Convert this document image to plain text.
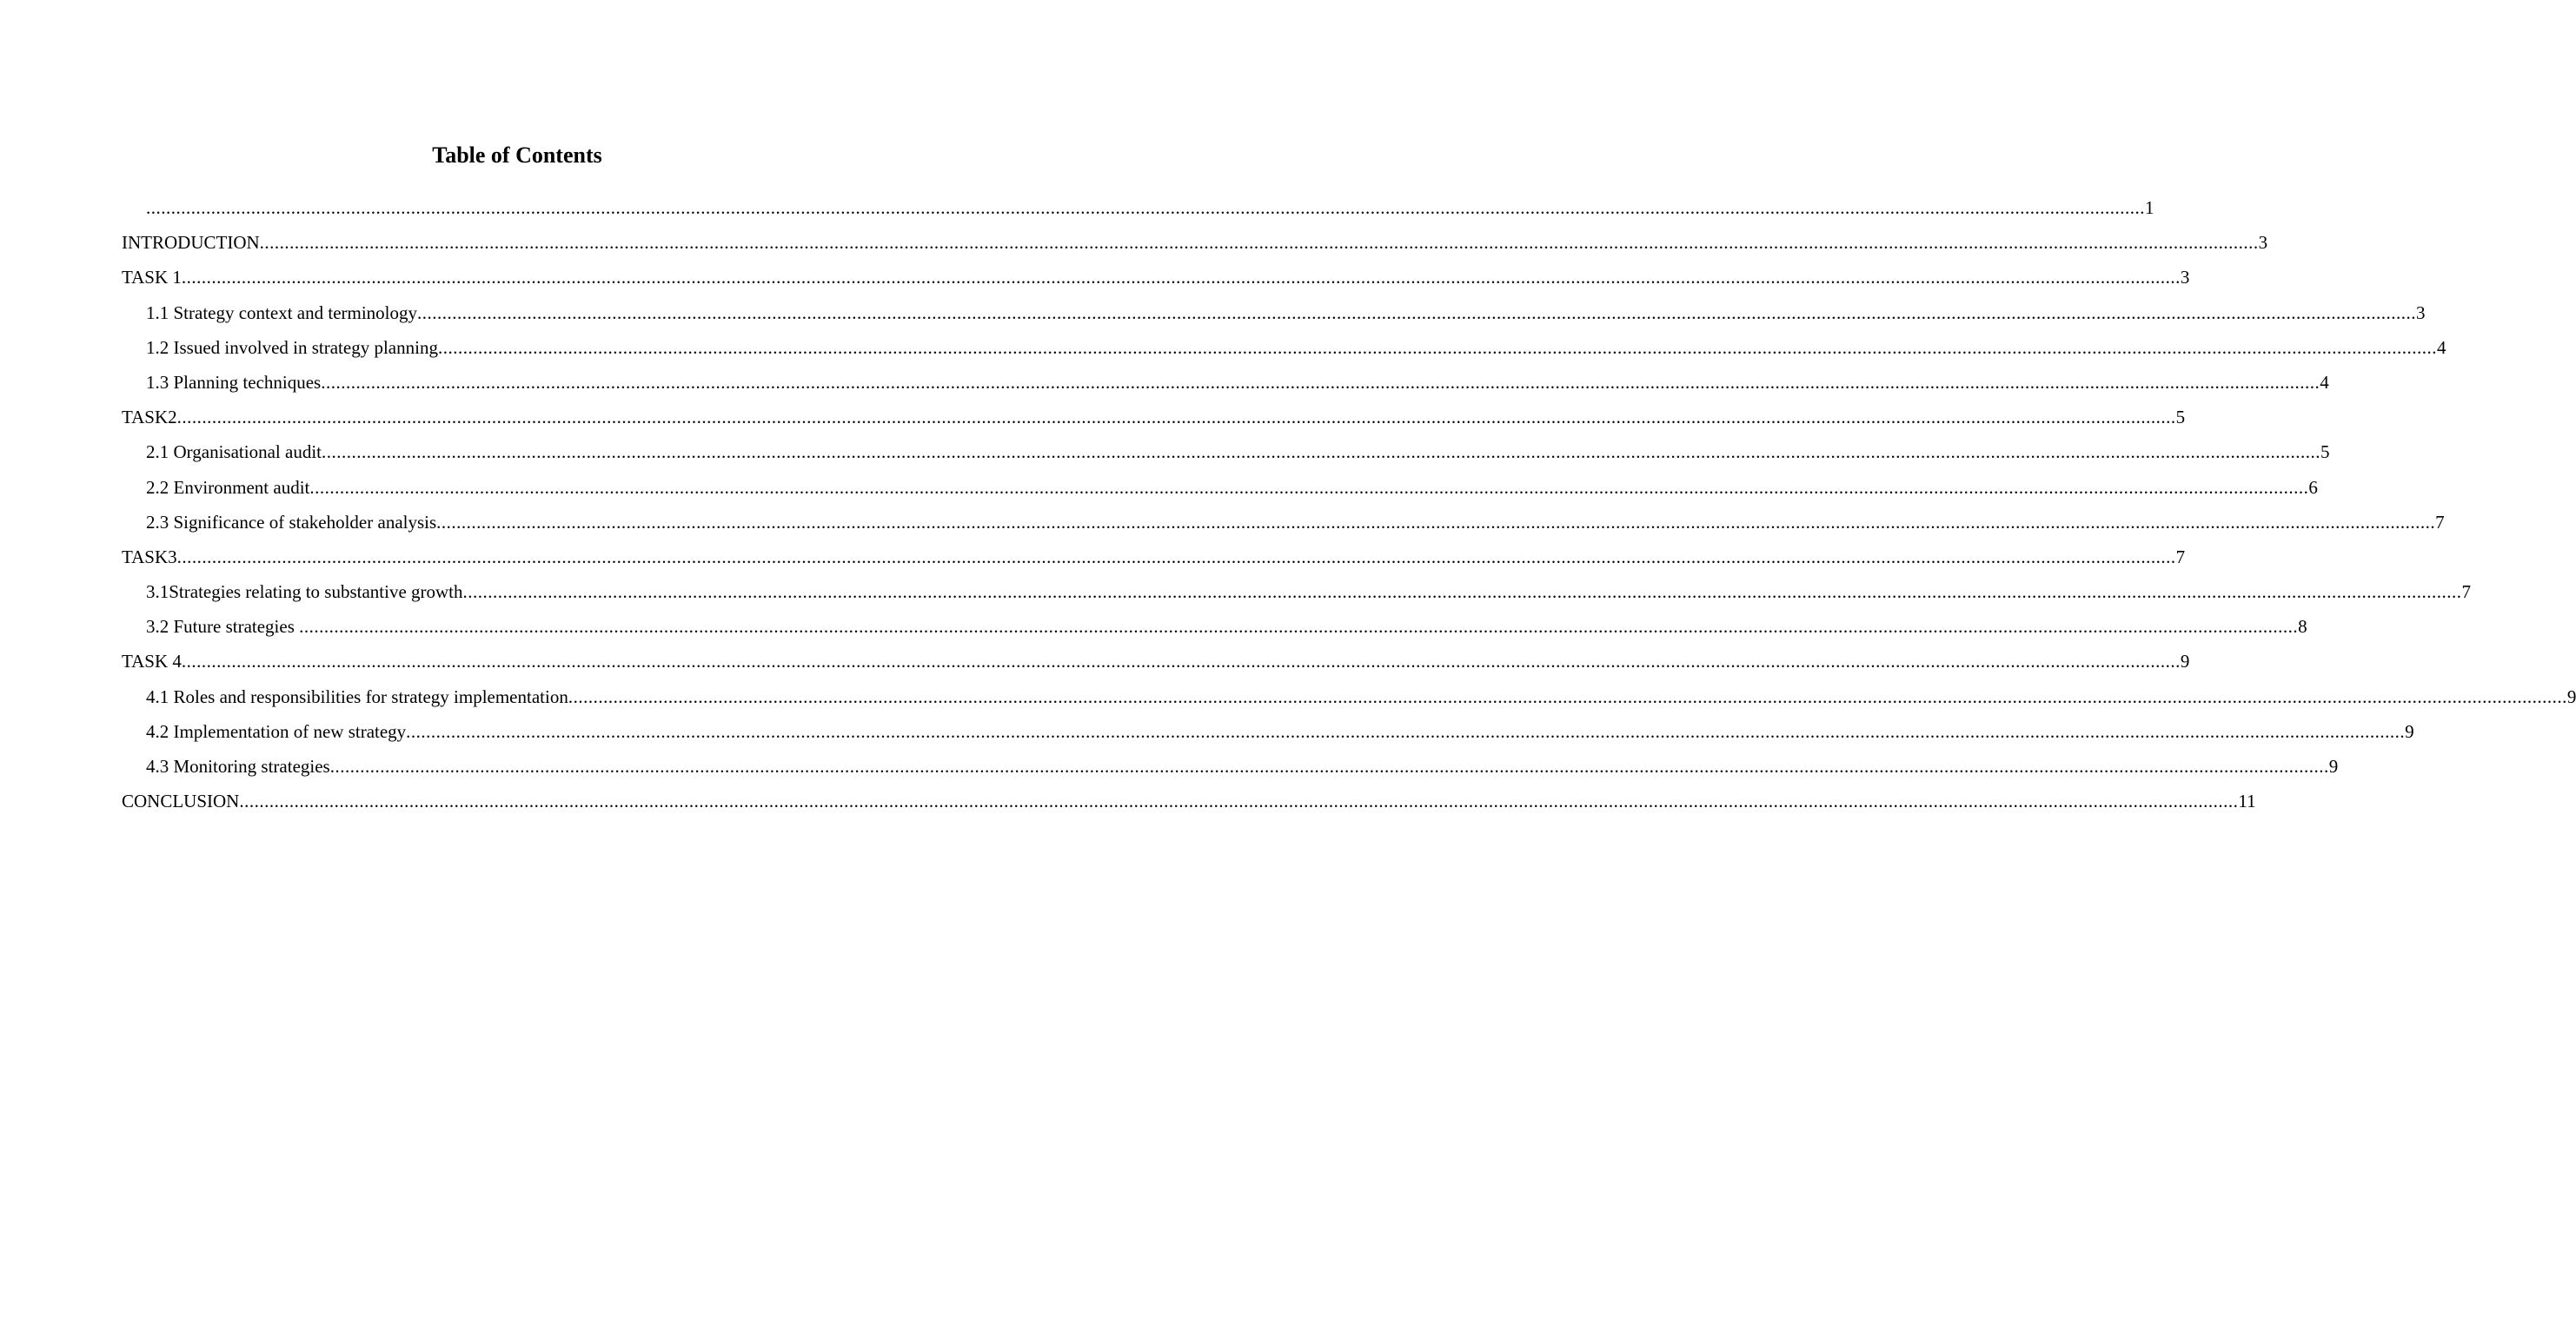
Table of Contents
................................................................................................................................................................................................................................................................................................................................................................................................................ 1
INTRODUCTION ................................................................................................................................................................................................................................................................................................................................................................................................................ 3
TASK 1 ................................................................................................................................................................................................................................................................................................................................................................................................................ 3
1.1 Strategy context and terminology ................................................................................................................................................................................................................................................................................................................................................................................................................ 3
1.2 Issued involved in strategy planning ................................................................................................................................................................................................................................................................................................................................................................................................................ 4
1.3 Planning techniques ................................................................................................................................................................................................................................................................................................................................................................................................................ 4
TASK2 ................................................................................................................................................................................................................................................................................................................................................................................................................ 5
2.1 Organisational audit ................................................................................................................................................................................................................................................................................................................................................................................................................ 5
2.2 Environment audit ................................................................................................................................................................................................................................................................................................................................................................................................................ 6
2.3 Significance of stakeholder analysis ................................................................................................................................................................................................................................................................................................................................................................................................................ 7
TASK3 ................................................................................................................................................................................................................................................................................................................................................................................................................ 7
3.1Strategies relating to substantive growth ................................................................................................................................................................................................................................................................................................................................................................................................................ 7
3.2 Future strategies ................................................................................................................................................................................................................................................................................................................................................................................................................ 8
TASK 4 ................................................................................................................................................................................................................................................................................................................................................................................................................ 9
4.1 Roles and responsibilities for strategy implementation ................................................................................................................................................................................................................................................................................................................................................................................................................ 9
4.2 Implementation of new strategy ................................................................................................................................................................................................................................................................................................................................................................................................................ 9
4.3 Monitoring strategies ................................................................................................................................................................................................................................................................................................................................................................................................................ 9
CONCLUSION ................................................................................................................................................................................................................................................................................................................................................................................................................ 11
